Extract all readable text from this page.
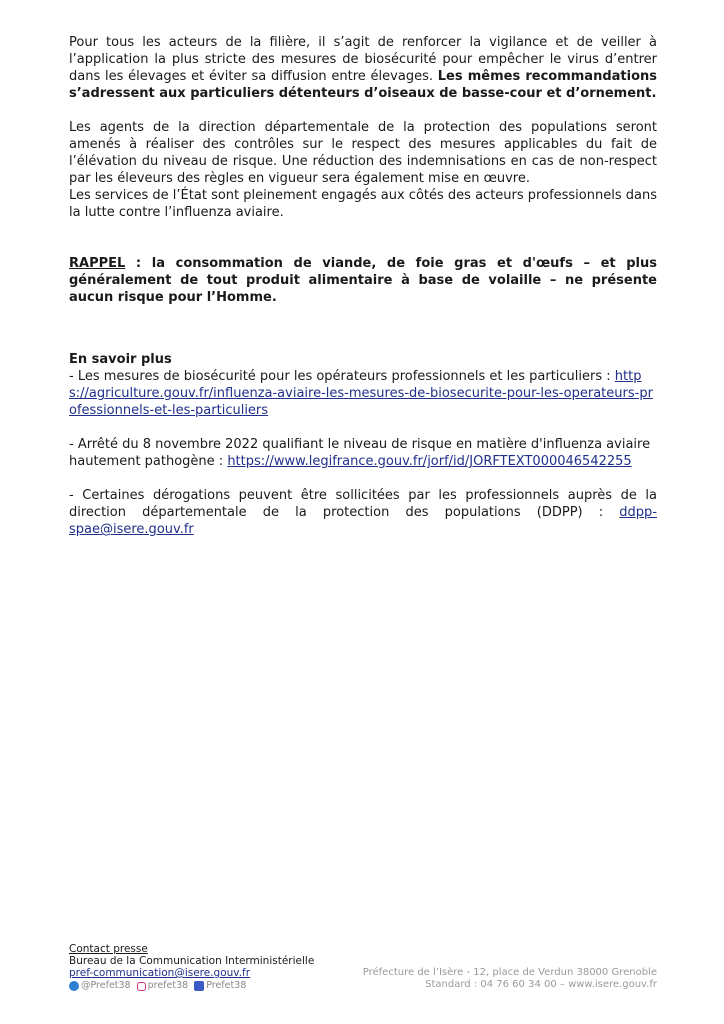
Pour tous les acteurs de la filière, il s’agit de renforcer la vigilance et de veiller à l’application la plus stricte des mesures de biosécurité pour empêcher le virus d’entrer dans les élevages et éviter sa diffusion entre élevages. Les mêmes recommandations s’adressent aux particuliers détenteurs d’oiseaux de basse-cour et d’ornement.

Les agents de la direction départementale de la protection des populations seront amenés à réaliser des contrôles sur le respect des mesures applicables du fait de l’élévation du niveau de risque. Une réduction des indemnisations en cas de non-respect par les éleveurs des règles en vigueur sera également mise en œuvre.

Les services de l’État sont pleinement engagés aux côtés des acteurs professionnels dans la lutte contre l’influenza aviaire.

RAPPEL : la consommation de viande, de foie gras et d'œufs – et plus généralement de tout produit alimentaire à base de volaille – ne présente aucun risque pour l’Homme.

En savoir plus

- Les mesures de biosécurité pour les opérateurs professionnels et les particuliers : https://agriculture.gouv.fr/influenza-aviaire-les-mesures-de-biosecurite-pour-les-operateurs-professionnels-et-les-particuliers

- Arrêté du 8 novembre 2022 qualifiant le niveau de risque en matière d'influenza aviaire hautement pathogène : https://www.legifrance.gouv.fr/jorf/id/JORFTEXT000046542255

- Certaines dérogations peuvent être sollicitées par les professionnels auprès de la direction départementale de la protection des populations (DDPP) : ddpp-spae@isere.gouv.fr

Contact presse
Bureau de la Communication Interministérielle
pref-communication@isere.gouv.fr
@Prefet38 prefet38 Prefet38
Préfecture de l’Isère - 12, place de Verdun 38000 Grenoble
Standard : 04 76 60 34 00 – www.isere.gouv.fr
